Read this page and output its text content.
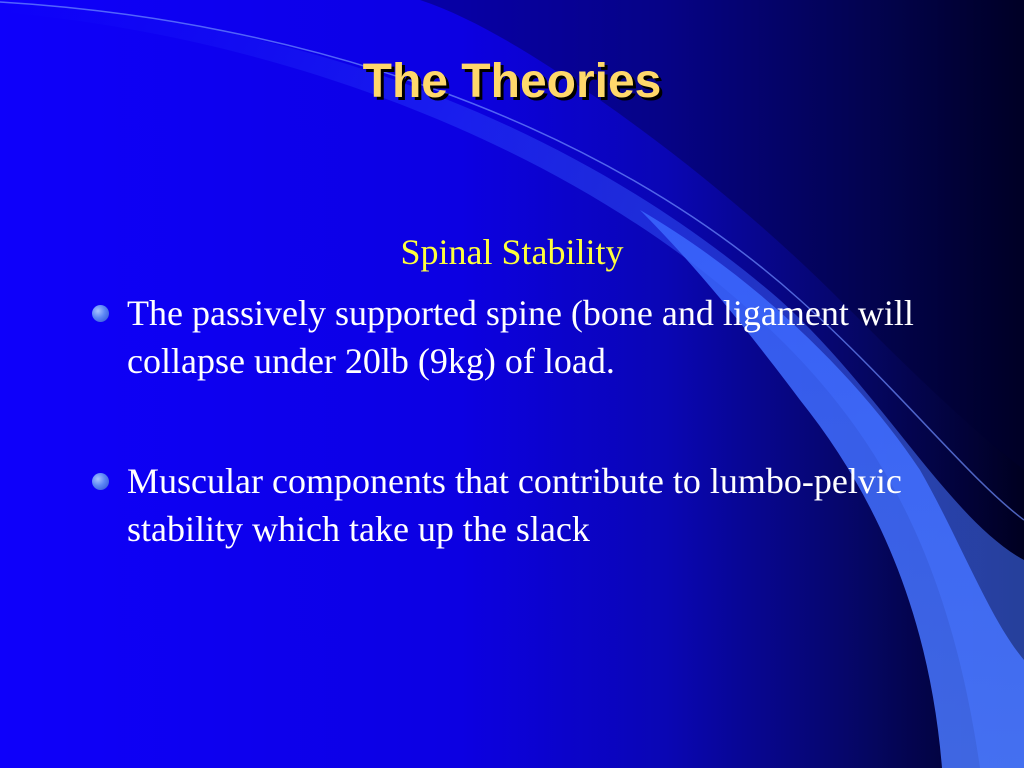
The Theories
Spinal Stability
The passively supported spine (bone and ligament will collapse under 20lb (9kg) of load.
Muscular components that contribute to lumbo-pelvic stability which take up the slack
